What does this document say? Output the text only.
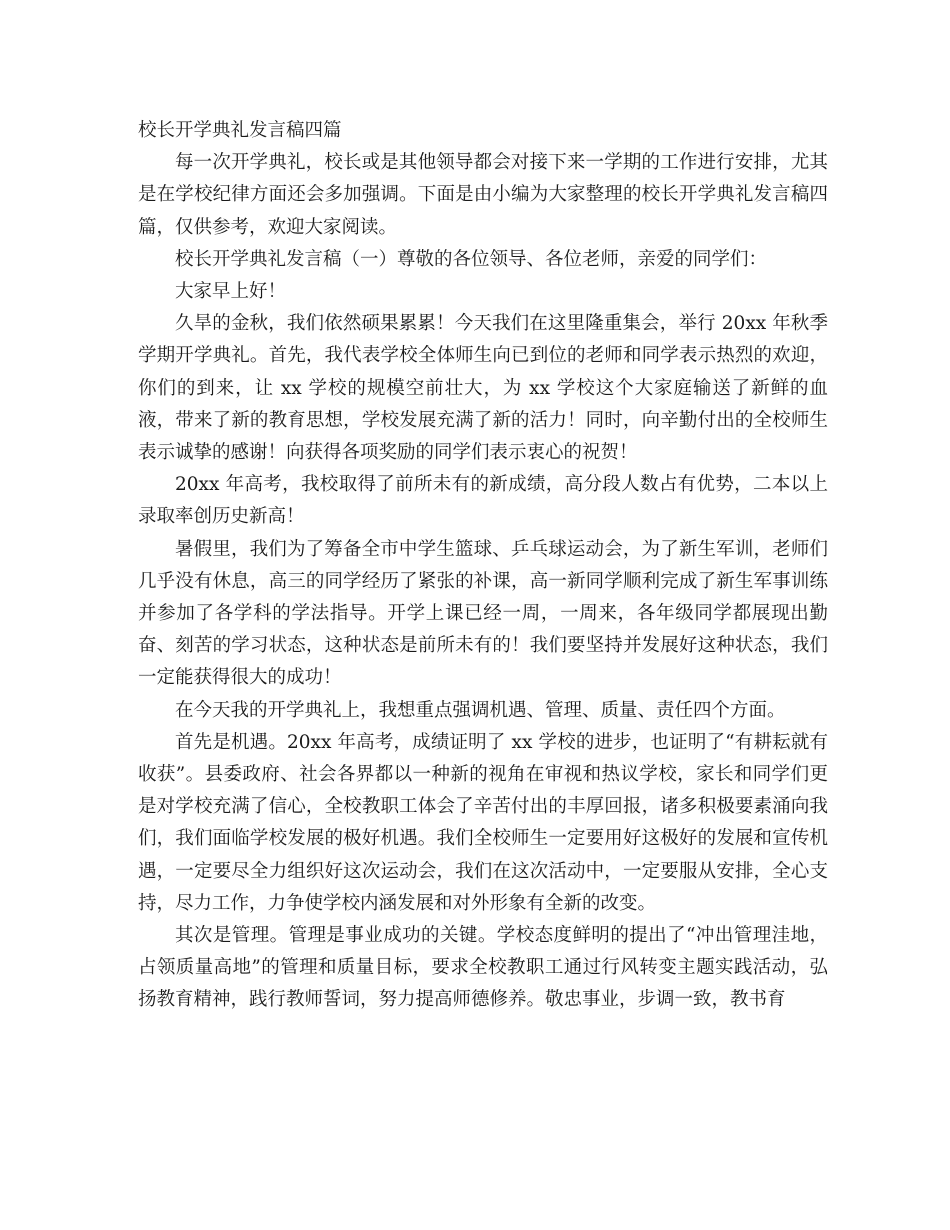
校长开学典礼发言稿四篇

每一次开学典礼，校长或是其他领导都会对接下来一学期的工作进行安排，尤其是在学校纪律方面还会多加强调。下面是由小编为大家整理的校长开学典礼发言稿四篇，仅供参考，欢迎大家阅读。

校长开学典礼发言稿（一）尊敬的各位领导、各位老师，亲爱的同学们：

大家早上好！

久旱的金秋，我们依然硕果累累！今天我们在这里隆重集会，举行 20xx 年秋季学期开学典礼。首先，我代表学校全体师生向已到位的老师和同学表示热烈的欢迎，你们的到来，让 xx 学校的规模空前壮大，为 xx 学校这个大家庭输送了新鲜的血液，带来了新的教育思想，学校发展充满了新的活力！同时，向辛勤付出的全校师生表示诚挚的感谢！向获得各项奖励的同学们表示衷心的祝贺！

20xx 年高考，我校取得了前所未有的新成绩，高分段人数占有优势，二本以上录取率创历史新高！

暑假里，我们为了筹备全市中学生篮球、乒乓球运动会，为了新生军训，老师们几乎没有休息，高三的同学经历了紧张的补课，高一新同学顺利完成了新生军事训练并参加了各学科的学法指导。开学上课已经一周，一周来，各年级同学都展现出勤奋、刻苦的学习状态，这种状态是前所未有的！我们要坚持并发展好这种状态，我们一定能获得很大的成功！

在今天我的开学典礼上，我想重点强调机遇、管理、质量、责任四个方面。

首先是机遇。20xx 年高考，成绩证明了 xx 学校的进步，也证明了“有耕耘就有收获”。县委政府、社会各界都以一种新的视角在审视和热议学校，家长和同学们更是对学校充满了信心，全校教职工体会了辛苦付出的丰厚回报，诸多积极要素涌向我们，我们面临学校发展的极好机遇。我们全校师生一定要用好这极好的发展和宣传机遇，一定要尽全力组织好这次运动会，我们在这次活动中，一定要服从安排，全心支持，尽力工作，力争使学校内涵发展和对外形象有全新的改变。

其次是管理。管理是事业成功的关键。学校态度鲜明的提出了“冲出管理洼地，占领质量高地”的管理和质量目标，要求全校教职工通过行风转变主题实践活动，弘扬教育精神，践行教师誓词，努力提高师德修养。敬忠事业，步调一致，教书育
